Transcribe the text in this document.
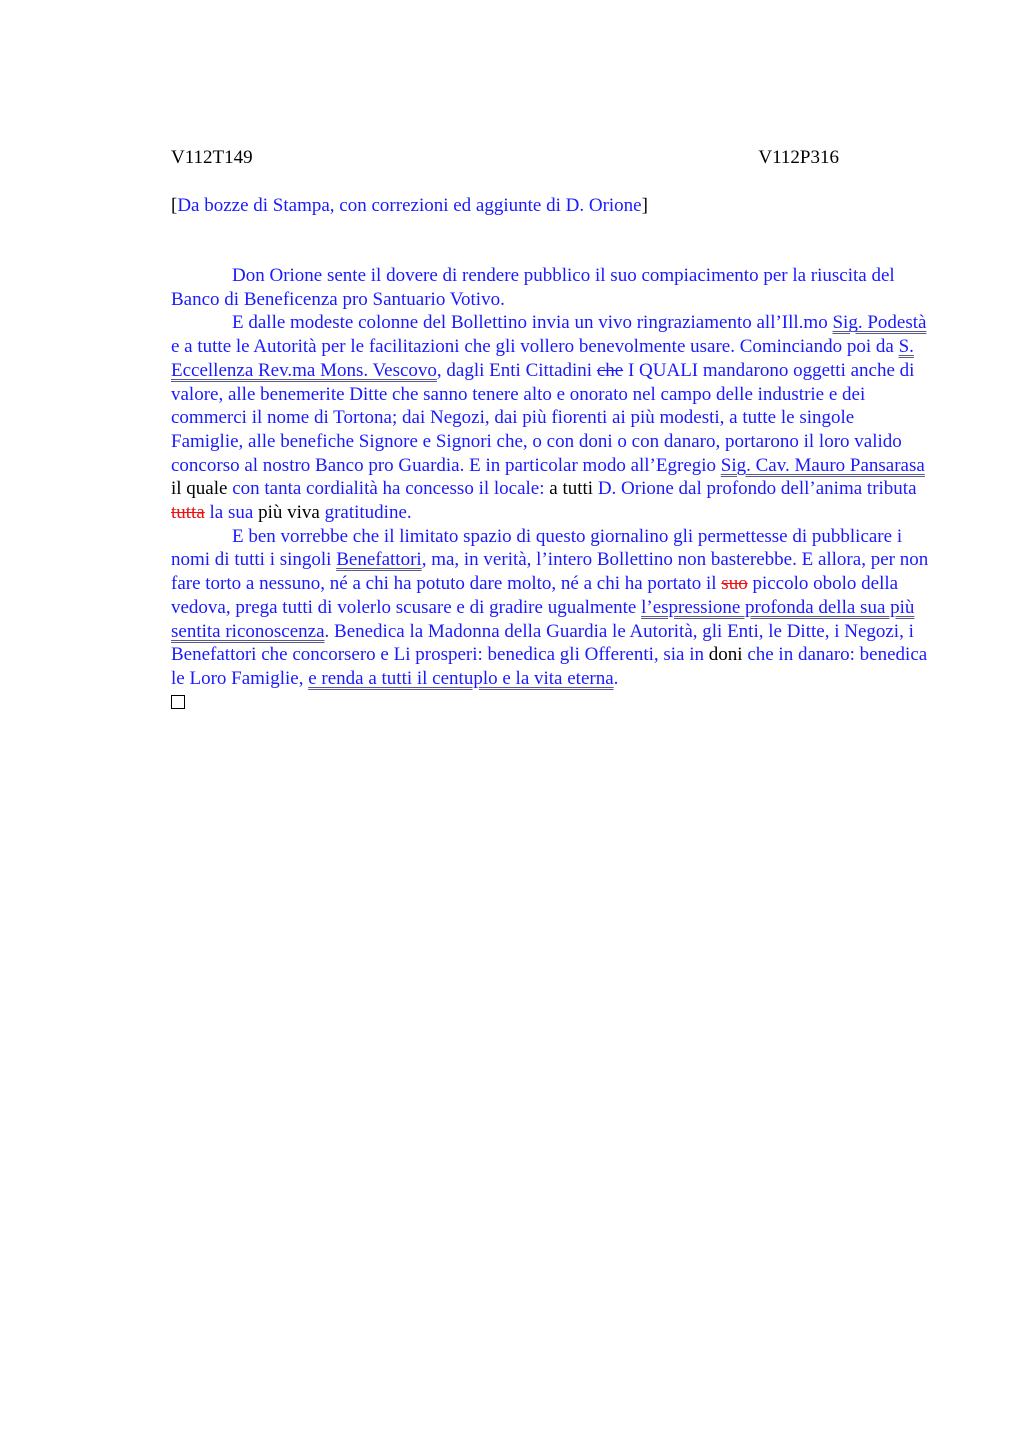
V112T149	V112P316
[Da bozze di Stampa, con correzioni ed aggiunte di D. Orione]

Don Orione sente il dovere di rendere pubblico il suo compiacimento per la riuscita del Banco di Beneficenza pro Santuario Votivo.

E dalle modeste colonne del Bollettino invia un vivo ringraziamento all’Ill.mo Sig. Podestà e a tutte le Autorità per le facilitazioni che gli vollero benevolmente usare. Cominciando poi da S. Eccellenza Rev.ma Mons. Vescovo, dagli Enti Cittadini che I QUALI mandarono oggetti anche di valore, alle benemerite Ditte che sanno tenere alto e onorato nel campo delle industrie e dei commerci il nome di Tortona; dai Negozi, dai più fiorenti ai più modesti, a tutte le singole Famiglie, alle benefiche Signore e Signori che, o con doni o con danaro, portarono il loro valido concorso al nostro Banco pro Guardia. E in particolar modo all’Egregio Sig. Cav. Mauro Pansarasa il quale con tanta cordialità ha concesso il locale: a tutti D. Orione dal profondo dell’anima tributa tutta la sua più viva gratitudine.

E ben vorrebbe che il limitato spazio di questo giornalino gli permettesse di pubblicare i nomi di tutti i singoli Benefattori, ma, in verità, l’intero Bollettino non basterebbe. E allora, per non fare torto a nessuno, né a chi ha potuto dare molto, né a chi ha portato il suo piccolo obolo della vedova, prega tutti di volerlo scusare e di gradire ugualmente l’espressione profonda della sua più sentita riconoscenza. Benedica la Madonna della Guardia le Autorità, gli Enti, le Ditte, i Negozi, i Benefattori che concorsero e Li prosperi: benedica gli Offerenti, sia in doni che in danaro: benedica le Loro Famiglie, e renda a tutti il centuplo e la vita eterna.
